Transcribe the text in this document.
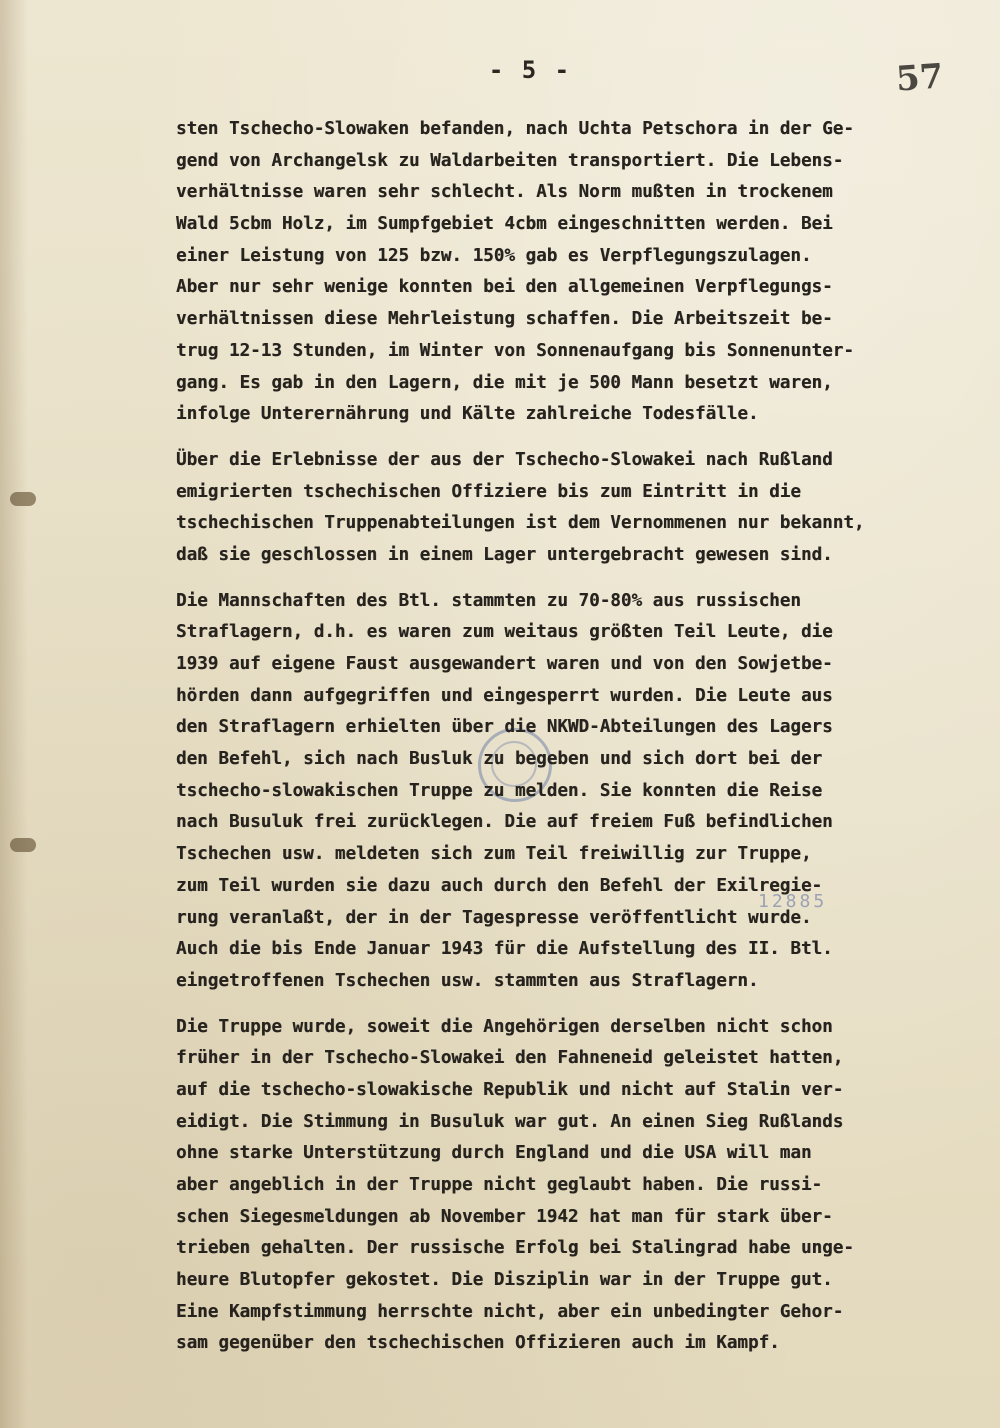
- 5 -	57
12885
sten Tschecho-Slowaken befanden, nach Uchta Petschora in der Ge-
gend von Archangelsk zu Waldarbeiten transportiert. Die Lebens-
verhältnisse waren sehr schlecht. Als Norm mußten in trockenem
Wald 5cbm Holz, im Sumpfgebiet 4cbm eingeschnitten werden. Bei
einer Leistung von 125 bzw. 150% gab es Verpflegungszulagen.
Aber nur sehr wenige konnten bei den allgemeinen Verpflegungs-
verhältnissen diese Mehrleistung schaffen. Die Arbeitszeit be-
trug 12-13 Stunden, im Winter von Sonnenaufgang bis Sonnenunter-
gang. Es gab in den Lagern, die mit je 500 Mann besetzt waren,
infolge Unterernährung und Kälte zahlreiche Todesfälle.
Über die Erlebnisse der aus der Tschecho-Slowakei nach Rußland
emigrierten tschechischen Offiziere bis zum Eintritt in die
tschechischen Truppenabteilungen ist dem Vernommenen nur bekannt,
daß sie geschlossen in einem Lager untergebracht gewesen sind.
Die Mannschaften des Btl. stammten zu 70-80% aus russischen
Straflagern, d.h. es waren zum weitaus größten Teil Leute, die
1939 auf eigene Faust ausgewandert waren und von den Sowjetbe-
hörden dann aufgegriffen und eingesperrt wurden. Die Leute aus
den Straflagern erhielten über die NKWD-Abteilungen des Lagers
den Befehl, sich nach Busluk zu begeben und sich dort bei der
tschecho-slowakischen Truppe zu melden. Sie konnten die Reise
nach Busuluk frei zurücklegen. Die auf freiem Fuß befindlichen
Tschechen usw. meldeten sich zum Teil freiwillig zur Truppe,
zum Teil wurden sie dazu auch durch den Befehl der Exilregie-
rung veranlaßt, der in der Tagespresse veröffentlicht wurde.
Auch die bis Ende Januar 1943 für die Aufstellung des II. Btl.
eingetroffenen Tschechen usw. stammten aus Straflagern.
Die Truppe wurde, soweit die Angehörigen derselben nicht schon
früher in der Tschecho-Slowakei den Fahneneid geleistet hatten,
auf die tschecho-slowakische Republik und nicht auf Stalin ver-
eidigt. Die Stimmung in Busuluk war gut. An einen Sieg Rußlands
ohne starke Unterstützung durch England und die USA will man
aber angeblich in der Truppe nicht geglaubt haben. Die russi-
schen Siegesmeldungen ab November 1942 hat man für stark über-
trieben gehalten. Der russische Erfolg bei Stalingrad habe unge-
heure Blutopfer gekostet. Die Disziplin war in der Truppe gut.
Eine Kampfstimmung herrschte nicht, aber ein unbedingter Gehor-
sam gegenüber den tschechischen Offizieren auch im Kampf.
